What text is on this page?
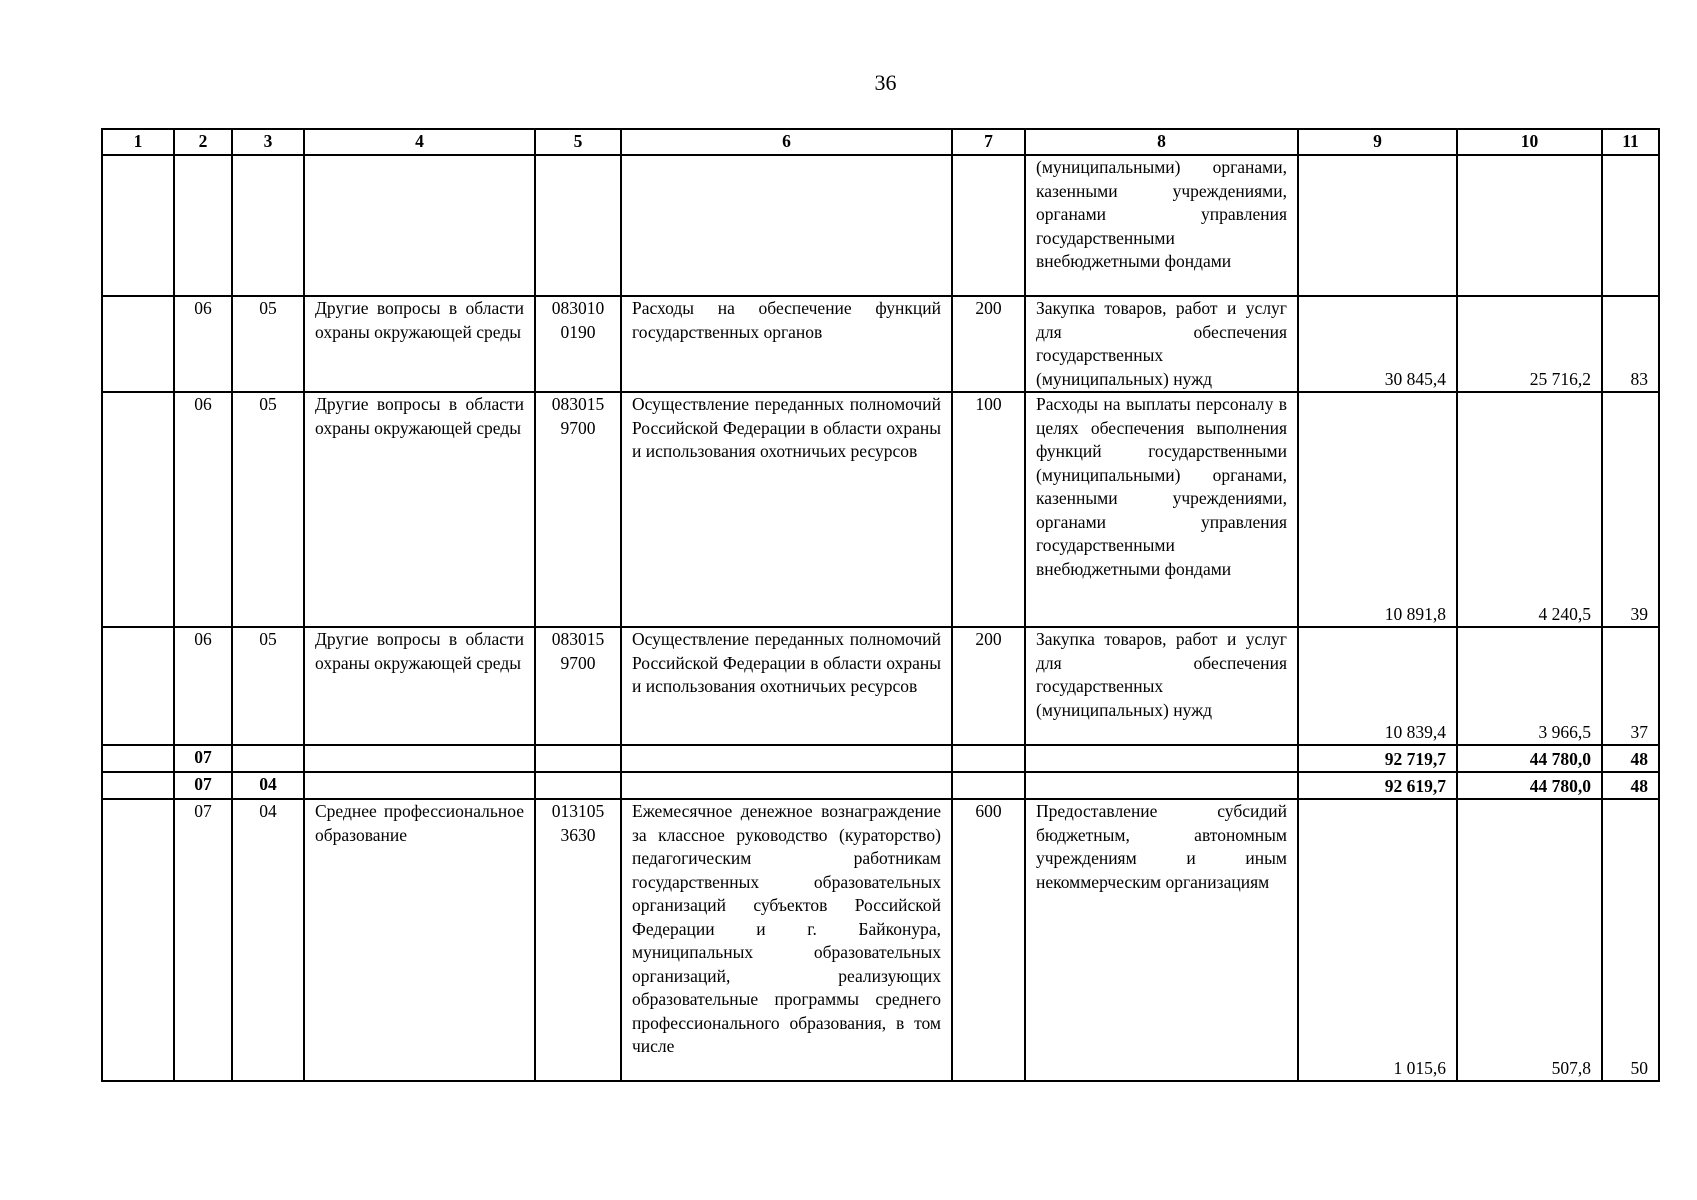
36
1	2	3	4	5	6	7	8	9	10	11
							(муниципальными) органами, казенными учреждениями, органами управления государственными внебюджетными фондами			
	06	05	Другие вопросы в области охраны окружающей среды	083010 0190	Расходы на обеспечение функций государственных органов	200	Закупка товаров, работ и услуг для обеспечения государственных (муниципальных) нужд	30 845,4	25 716,2	83
	06	05	Другие вопросы в области охраны окружающей среды	083015 9700	Осуществление переданных полномочий Российской Федерации в области охраны и использования охотничьих ресурсов	100	Расходы на выплаты персоналу в целях обеспечения выполнения функций государственными (муниципальными) органами, казенными учреждениями, органами управления государственными внебюджетными фондами	10 891,8	4 240,5	39
	06	05	Другие вопросы в области охраны окружающей среды	083015 9700	Осуществление переданных полномочий Российской Федерации в области охраны и использования охотничьих ресурсов	200	Закупка товаров, работ и услуг для обеспечения государственных (муниципальных) нужд	10 839,4	3 966,5	37
	07							92 719,7	44 780,0	48
	07	04						92 619,7	44 780,0	48
	07	04	Среднее профессиональное образование	013105 3630	Ежемесячное денежное вознаграждение за классное руководство (кураторство) педагогическим работникам государственных образовательных организаций субъектов Российской Федерации и г. Байконура, муниципальных образовательных организаций, реализующих образовательные программы среднего профессионального образования, в том числе	600	Предоставление субсидий бюджетным, автономным учреждениям и иным некоммерческим организациям	1 015,6	507,8	50
